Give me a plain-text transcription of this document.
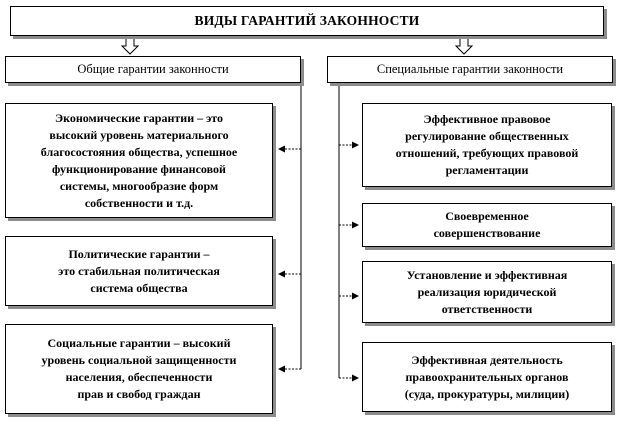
ВИДЫ ГАРАНТИЙ ЗАКОННОСТИ
Общие гарантии законности	Специальные гарантии законности
Экономические гарантии – это
высокий уровень материального
благосостояния общества, успешное
функционирование финансовой
системы, многообразие форм
собственности и т.д.
Политические гарантии –
это стабильная политическая
система общества
Социальные гарантии – высокий
уровень социальной защищенности
населения, обеспеченности
прав и свобод граждан
Эффективное правовое
регулирование общественных
отношений, требующих правовой
регламентации
Своевременное
совершенствование
Установление и эффективная
реализация юридической
ответственности
Эффективная деятельность
правоохранительных органов
(суда, прокуратуры, милиции)
